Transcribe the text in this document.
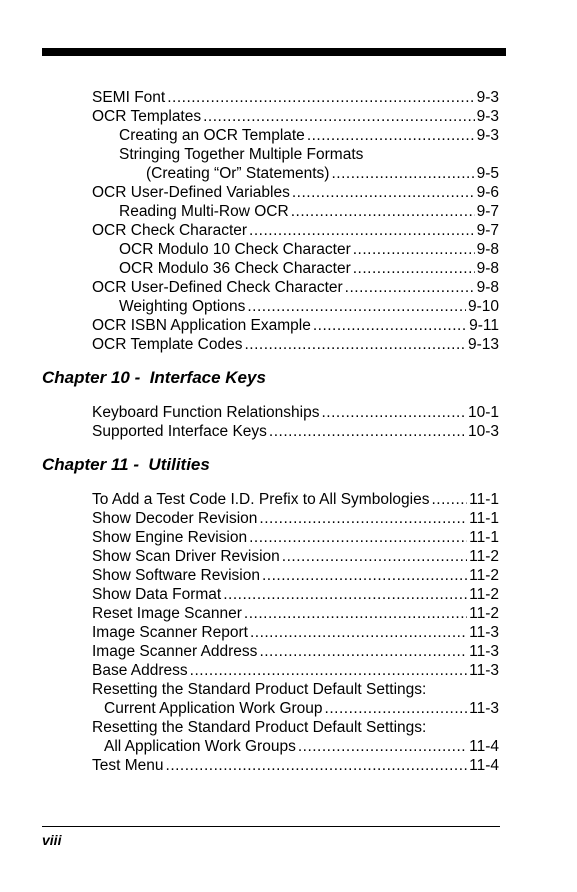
SEMI Font .....	9-3
OCR Templates .....	9-3
Creating an OCR Template .....	9-3
Stringing Together Multiple Formats
(Creating “Or” Statements) .....	9-5
OCR User-Defined Variables .....	9-6
Reading Multi-Row OCR .....	9-7
OCR Check Character .....	9-7
OCR Modulo 10 Check Character .....	9-8
OCR Modulo 36 Check Character .....	9-8
OCR User-Defined Check Character .....	9-8
Weighting Options .....	9-10
OCR ISBN Application Example .....	9-11
OCR Template Codes .....	9-13
Chapter 10 -  Interface Keys
Keyboard Function Relationships .....	10-1
Supported Interface Keys .....	10-3
Chapter 11 -  Utilities
To Add a Test Code I.D. Prefix to All Symbologies .....	11-1
Show Decoder Revision .....	11-1
Show Engine Revision .....	11-1
Show Scan Driver Revision .....	11-2
Show Software Revision .....	11-2
Show Data Format .....	11-2
Reset Image Scanner .....	11-2
Image Scanner Report .....	11-3
Image Scanner Address .....	11-3
Base Address .....	11-3
Resetting the Standard Product Default Settings:
Current Application Work Group .....	11-3
Resetting the Standard Product Default Settings:
All Application Work Groups .....	11-4
Test Menu .....	11-4
viii
